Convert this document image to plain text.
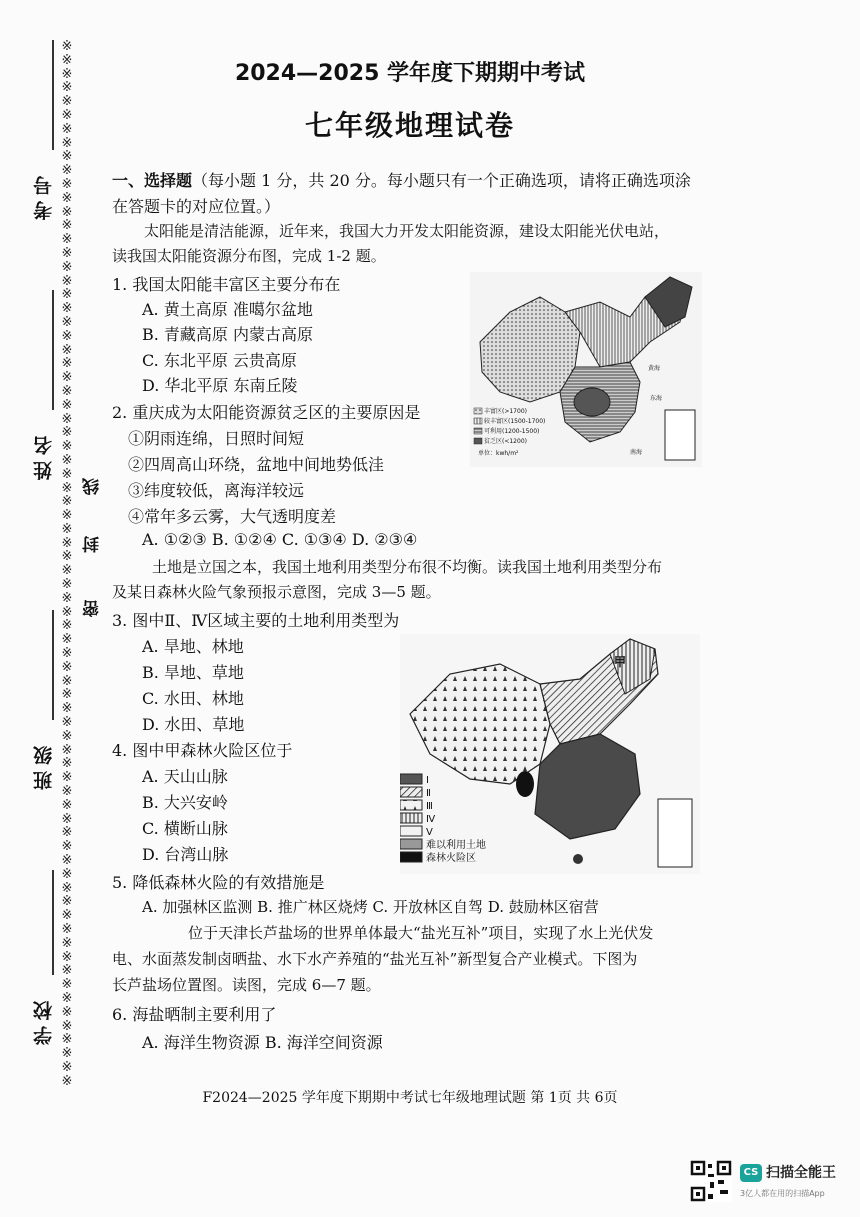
※※※※※※※※※※※※※※※※※※※※※※※※※※※※※※※※※※※※※※※※※※※※※※※※※※※※※※※※※※※※※※※※※※※※※※※※※※※※
考号
姓名
班级
学校
线
封
密
2024—2025 学年度下期期中考试
七年级地理试卷
一、选择题（每小题 1 分，共 20 分。每小题只有一个正确选项，请将正确选项涂
在答题卡的对应位置。）
太阳能是清洁能源，近年来，我国大力开发太阳能资源，建设太阳能光伏电站，
读我国太阳能资源分布图，完成 1-2 题。
1. 我国太阳能丰富区主要分布在
A. 黄土高原 准噶尔盆地
B. 青藏高原 内蒙古高原
C. 东北平原 云贵高原
D. 华北平原 东南丘陵
2. 重庆成为太阳能资源贫乏区的主要原因是
①阴雨连绵，日照时间短
②四周高山环绕，盆地中间地势低洼
③纬度较低，离海洋较远
④常年多云雾，大气透明度差
A. ①②③ B. ①②④ C. ①③④ D. ②③④
土地是立国之本，我国土地利用类型分布很不均衡。读我国土地利用类型分布
及某日森林火险气象预报示意图，完成 3—5 题。
3. 图中Ⅱ、Ⅳ区域主要的土地利用类型为
A. 旱地、林地
B. 旱地、草地
C. 水田、林地
D. 水田、草地
4. 图中甲森林火险区位于
A. 天山山脉
B. 大兴安岭
C. 横断山脉
D. 台湾山脉
5. 降低森林火险的有效措施是
A. 加强林区监测 B. 推广林区烧烤 C. 开放林区自驾 D. 鼓励林区宿营
位于天津长芦盐场的世界单体最大“盐光互补”项目，实现了水上光伏发
电、水面蒸发制卤晒盐、水下水产养殖的“盐光互补”新型复合产业模式。下图为
长芦盐场位置图。读图，完成 6—7 题。
6. 海盐晒制主要利用了
A. 海洋生物资源 B. 海洋空间资源
黄海
东海
南海
丰富区(>1700)
较丰富区(1500-1700)
可利用(1200-1500)
贫乏区(<1200)
单位：kwh/m²
甲
Ⅰ
Ⅱ
Ⅲ
Ⅳ
Ⅴ
难以利用土地
森林火险区
F2024—2025 学年度下期期中考试七年级地理试题 第 1页 共 6页
CS 扫描全能王
3亿人都在用的扫描App
